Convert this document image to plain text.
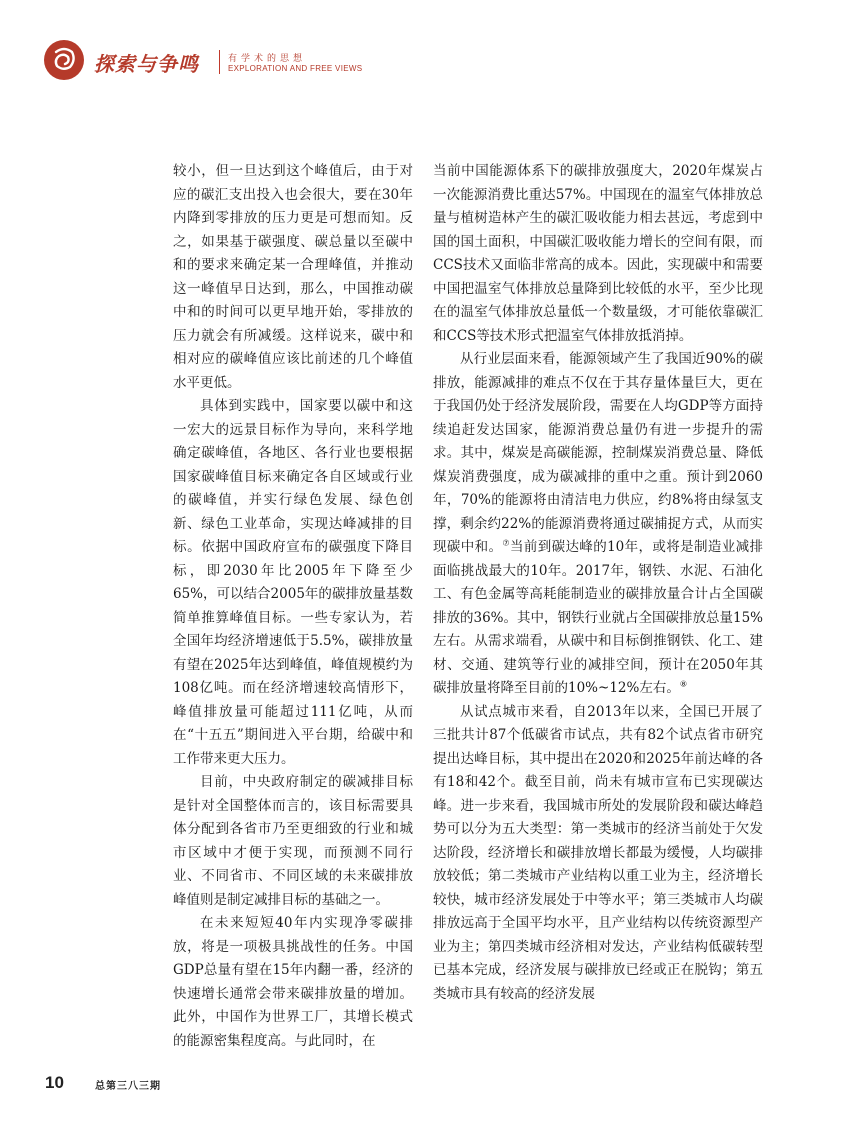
探索与争鸣	有学术的思想
EXPLORATION AND FREE VIEWS

较小，但一旦达到这个峰值后，由于对应的碳汇支出投入也会很大，要在30年内降到零排放的压力更是可想而知。反之，如果基于碳强度、碳总量以至碳中和的要求来确定某一合理峰值，并推动这一峰值早日达到，那么，中国推动碳中和的时间可以更早地开始，零排放的压力就会有所减缓。这样说来，碳中和相对应的碳峰值应该比前述的几个峰值水平更低。

具体到实践中，国家要以碳中和这一宏大的远景目标作为导向，来科学地确定碳峰值，各地区、各行业也要根据国家碳峰值目标来确定各自区域或行业的碳峰值，并实行绿色发展、绿色创新、绿色工业革命，实现达峰减排的目标。依据中国政府宣布的碳强度下降目标，即2030年比2005年下降至少65%，可以结合2005年的碳排放量基数简单推算峰值目标。一些专家认为，若全国年均经济增速低于5.5%，碳排放量有望在2025年达到峰值，峰值规模约为108亿吨。而在经济增速较高情形下，峰值排放量可能超过111亿吨，从而在“十五五”期间进入平台期，给碳中和工作带来更大压力。

目前，中央政府制定的碳减排目标是针对全国整体而言的，该目标需要具体分配到各省市乃至更细致的行业和城市区域中才便于实现，而预测不同行业、不同省市、不同区域的未来碳排放峰值则是制定减排目标的基础之一。

在未来短短40年内实现净零碳排放，将是一项极具挑战性的任务。中国GDP总量有望在15年内翻一番，经济的快速增长通常会带来碳排放量的增加。此外，中国作为世界工厂，其增长模式的能源密集程度高。与此同时，在

当前中国能源体系下的碳排放强度大，2020年煤炭占一次能源消费比重达57%。中国现在的温室气体排放总量与植树造林产生的碳汇吸收能力相去甚远，考虑到中国的国土面积，中国碳汇吸收能力增长的空间有限，而CCS技术又面临非常高的成本。因此，实现碳中和需要中国把温室气体排放总量降到比较低的水平，至少比现在的温室气体排放总量低一个数量级，才可能依靠碳汇和CCS等技术形式把温室气体排放抵消掉。

从行业层面来看，能源领域产生了我国近90%的碳排放，能源减排的难点不仅在于其存量体量巨大，更在于我国仍处于经济发展阶段，需要在人均GDP等方面持续追赶发达国家，能源消费总量仍有进一步提升的需求。其中，煤炭是高碳能源，控制煤炭消费总量、降低煤炭消费强度，成为碳减排的重中之重。预计到2060年，70%的能源将由清洁电力供应，约8%将由绿氢支撑，剩余约22%的能源消费将通过碳捕捉方式，从而实现碳中和。⑦当前到碳达峰的10年，或将是制造业减排面临挑战最大的10年。2017年，钢铁、水泥、石油化工、有色金属等高耗能制造业的碳排放量合计占全国碳排放的36%。其中，钢铁行业就占全国碳排放总量15%左右。从需求端看，从碳中和目标倒推钢铁、化工、建材、交通、建筑等行业的减排空间，预计在2050年其碳排放量将降至目前的10%~12%左右。⑧

从试点城市来看，自2013年以来，全国已开展了三批共计87个低碳省市试点，共有82个试点省市研究提出达峰目标，其中提出在2020和2025年前达峰的各有18和42个。截至目前，尚未有城市宣布已实现碳达峰。进一步来看，我国城市所处的发展阶段和碳达峰趋势可以分为五大类型：第一类城市的经济当前处于欠发达阶段，经济增长和碳排放增长都最为缓慢，人均碳排放较低；第二类城市产业结构以重工业为主，经济增长较快，城市经济发展处于中等水平；第三类城市人均碳排放远高于全国平均水平，且产业结构以传统资源型产业为主；第四类城市经济相对发达，产业结构低碳转型已基本完成，经济发展与碳排放已经或正在脱钩；第五类城市具有较高的经济发展

10	总第三八三期
